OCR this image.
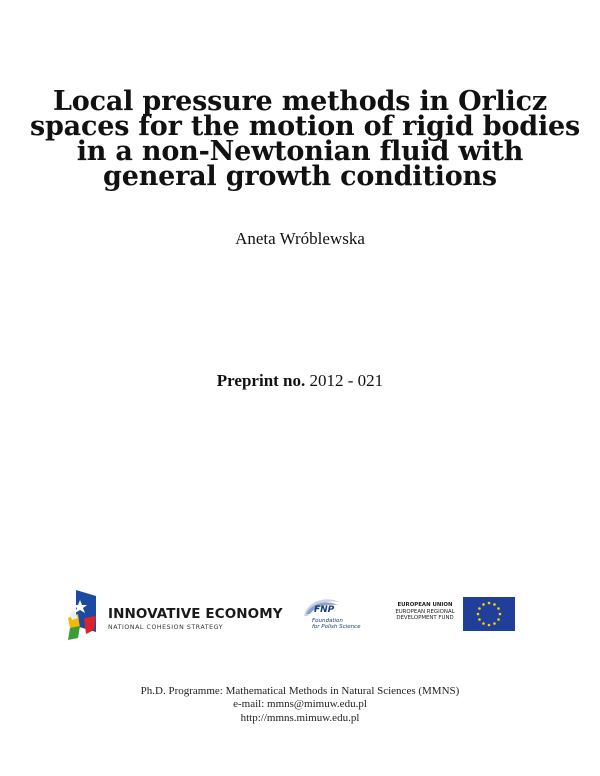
Local pressure methods in Orlicz
spaces for the motion of rigid bodies
in a non-Newtonian fluid with
general growth conditions
Aneta Wróblewska
Preprint no. 2012 - 021
INNOVATIVE ECONOMY
NATIONAL COHESION STRATEGY
FNP
Foundation
for Polish Science
EUROPEAN UNION
EUROPEAN REGIONAL
DEVELOPMENT FUND
Ph.D. Programme: Mathematical Methods in Natural Sciences (MMNS)
e-mail: mmns@mimuw.edu.pl
http://mmns.mimuw.edu.pl
